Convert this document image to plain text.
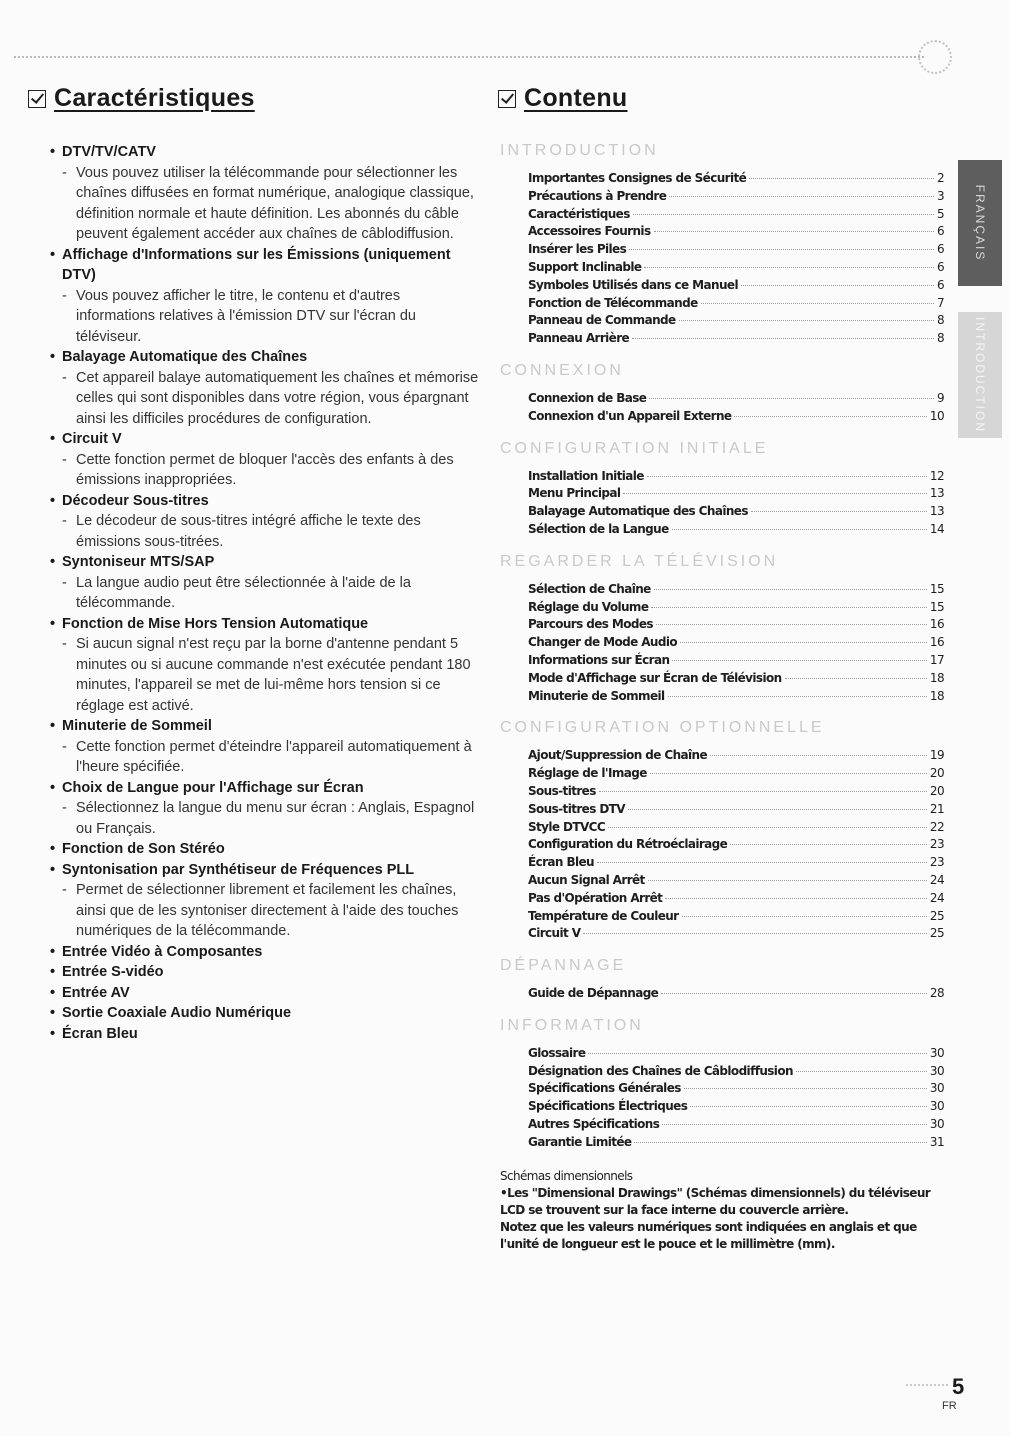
Caractéristiques	Contenu
• DTV/TV/CATV
- Vous pouvez utiliser la télécommande pour sélectionner les chaînes diffusées en format numérique, analogique classique, définition normale et haute définition. Les abonnés du câble peuvent également accéder aux chaînes de câblodiffusion.
• Affichage d'Informations sur les Émissions (uniquement DTV)
- Vous pouvez afficher le titre, le contenu et d'autres informations relatives à l'émission DTV sur l'écran du téléviseur.
• Balayage Automatique des Chaînes
- Cet appareil balaye automatiquement les chaînes et mémorise celles qui sont disponibles dans votre région, vous épargnant ainsi les difficiles procédures de configuration.
• Circuit V
- Cette fonction permet de bloquer l'accès des enfants à des émissions inappropriées.
• Décodeur Sous-titres
- Le décodeur de sous-titres intégré affiche le texte des émissions sous-titrées.
• Syntoniseur MTS/SAP
- La langue audio peut être sélectionnée à l'aide de la télécommande.
• Fonction de Mise Hors Tension Automatique
- Si aucun signal n'est reçu par la borne d'antenne pendant 5 minutes ou si aucune commande n'est exécutée pendant 180 minutes, l'appareil se met de lui-même hors tension si ce réglage est activé.
• Minuterie de Sommeil
- Cette fonction permet d'éteindre l'appareil automatiquement à l'heure spécifiée.
• Choix de Langue pour l'Affichage sur Écran
- Sélectionnez la langue du menu sur écran : Anglais, Espagnol ou Français.
• Fonction de Son Stéréo
• Syntonisation par Synthétiseur de Fréquences PLL
- Permet de sélectionner librement et facilement les chaînes, ainsi que de les syntoniser directement à l'aide des touches numériques de la télécommande.
• Entrée Vidéo à Composantes
• Entrée S-vidéo
• Entrée AV
• Sortie Coaxiale Audio Numérique
• Écran Bleu
INTRODUCTION
Importantes Consignes de Sécurité	2
Précautions à Prendre	3
Caractéristiques	5
Accessoires Fournis	6
Insérer les Piles	6
Support Inclinable	6
Symboles Utilisés dans ce Manuel	6
Fonction de Télécommande	7
Panneau de Commande	8
Panneau Arrière	8
CONNEXION
Connexion de Base	9
Connexion d'un Appareil Externe	10
CONFIGURATION INITIALE
Installation Initiale	12
Menu Principal	13
Balayage Automatique des Chaînes	13
Sélection de la Langue	14
REGARDER LA TÉLÉVISION
Sélection de Chaîne	15
Réglage du Volume	15
Parcours des Modes	16
Changer de Mode Audio	16
Informations sur Écran	17
Mode d'Affichage sur Écran de Télévision	18
Minuterie de Sommeil	18
CONFIGURATION OPTIONNELLE
Ajout/Suppression de Chaîne	19
Réglage de l'Image	20
Sous-titres	20
Sous-titres DTV	21
Style DTVCC	22
Configuration du Rétroéclairage	23
Écran Bleu	23
Aucun Signal Arrêt	24
Pas d'Opération Arrêt	24
Température de Couleur	25
Circuit V	25
DÉPANNAGE
Guide de Dépannage	28
INFORMATION
Glossaire	30
Désignation des Chaînes de Câblodiffusion	30
Spécifications Générales	30
Spécifications Électriques	30
Autres Spécifications	30
Garantie Limitée	31
Schémas dimensionnels
•Les "Dimensional Drawings" (Schémas dimensionnels) du téléviseur LCD se trouvent sur la face interne du couvercle arrière.
Notez que les valeurs numériques sont indiquées en anglais et que l'unité de longueur est le pouce et le millimètre (mm).
FRANÇAIS
INTRODUCTION
5
FR
